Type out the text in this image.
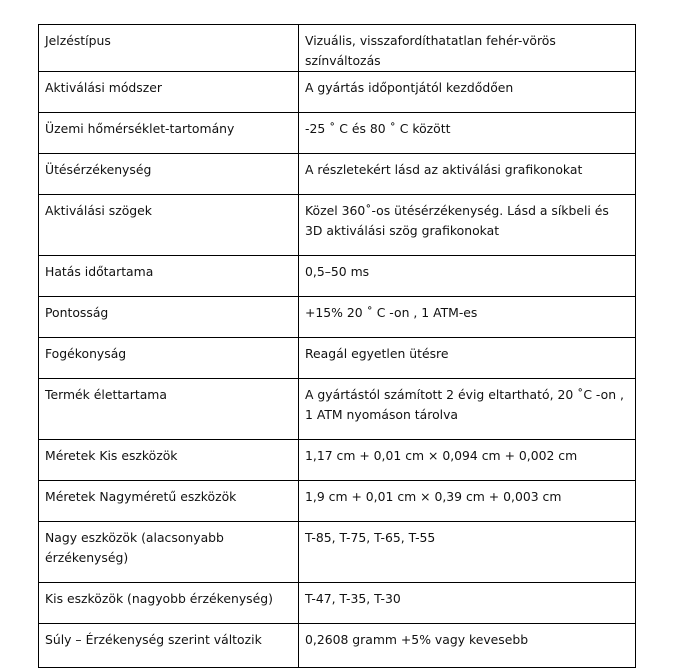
Jelzéstípus	Vizuális, visszafordíthatatlan fehér-vörös színváltozás
Aktiválási módszer	A gyártás időpontjától kezdődően
Üzemi hőmérséklet-tartomány	-25 ˚ C és 80 ˚ C között
Ütésérzékenység	A részletekért lásd az aktiválási grafikonokat
Aktiválási szögek	Közel 360˚-os ütésérzékenység. Lásd a síkbeli és 3D aktiválási szög grafikonokat
Hatás időtartama	0,5–50 ms
Pontosság	+15% 20 ˚ C -on , 1 ATM-es
Fogékonyság	Reagál egyetlen ütésre
Termék élettartama	A gyártástól számított 2 évig eltartható, 20 ˚C -on , 1 ATM nyomáson tárolva
Méretek Kis eszközök	1,17 cm + 0,01 cm × 0,094 cm + 0,002 cm
Méretek Nagyméretű eszközök	1,9 cm + 0,01 cm × 0,39 cm + 0,003 cm
Nagy eszközök (alacsonyabb érzékenység)	T-85, T-75, T-65, T-55
Kis eszközök (nagyobb érzékenység)	T-47, T-35, T-30
Súly – Érzékenység szerint változik	0,2608 gramm +5% vagy kevesebb
